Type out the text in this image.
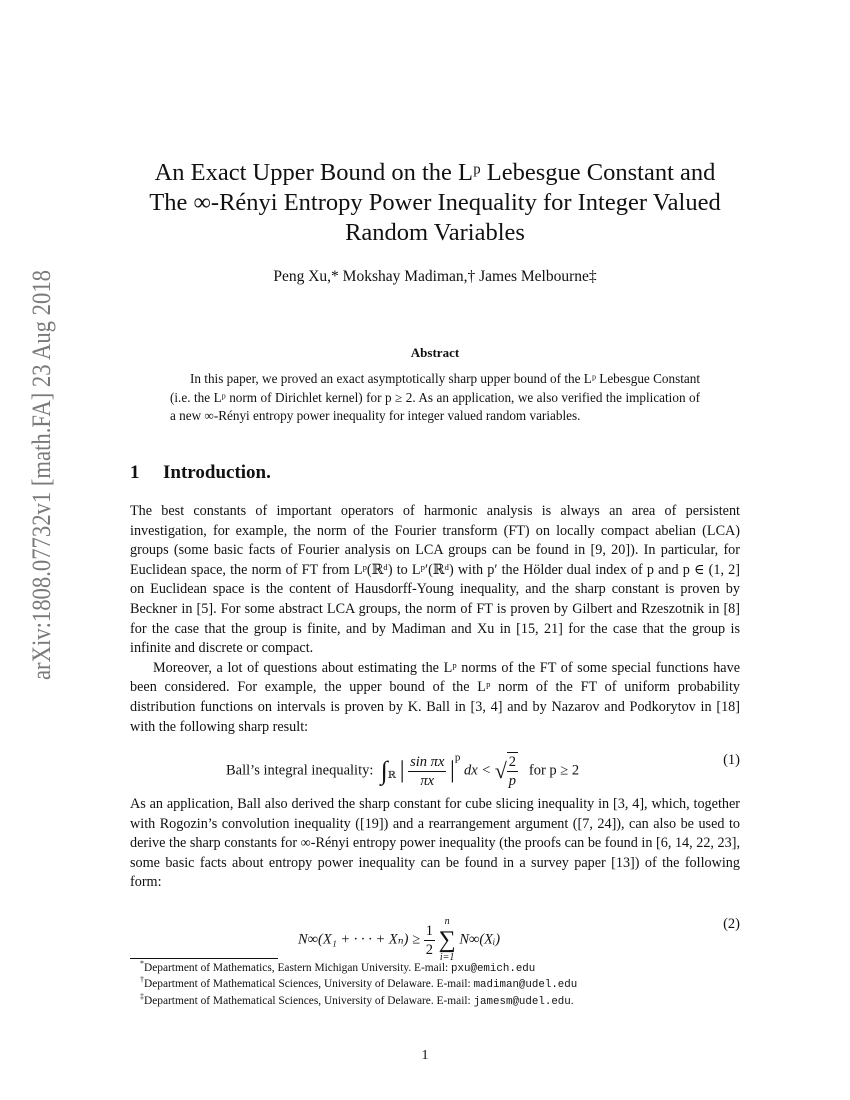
arXiv:1808.07732v1 [math.FA] 23 Aug 2018
An Exact Upper Bound on the Lᵖ Lebesgue Constant and
The ∞-Rényi Entropy Power Inequality for Integer Valued
Random Variables
Peng Xu,* Mokshay Madiman,† James Melbourne‡
Abstract
In this paper, we proved an exact asymptotically sharp upper bound of the Lᵖ Lebesgue Constant (i.e. the Lᵖ norm of Dirichlet kernel) for p ≥ 2. As an application, we also verified the implication of a new ∞-Rényi entropy power inequality for integer valued random variables.
1 Introduction.

The best constants of important operators of harmonic analysis is always an area of persistent investigation, for example, the norm of the Fourier transform (FT) on locally compact abelian (LCA) groups (some basic facts of Fourier analysis on LCA groups can be found in [9, 20]). In particular, for Euclidean space, the norm of FT from Lᵖ(ℝᵈ) to Lᵖ′(ℝᵈ) with p′ the Hölder dual index of p and p ∈ (1, 2] on Euclidean space is the content of Hausdorff-Young inequality, and the sharp constant is proven by Beckner in [5]. For some abstract LCA groups, the norm of FT is proven by Gilbert and Rzeszotnik in [8] for the case that the group is finite, and by Madiman and Xu in [15, 21] for the case that the group is infinite and discrete or compact.

Moreover, a lot of questions about estimating the Lᵖ norms of the FT of some special functions have been considered. For example, the upper bound of the Lᵖ norm of the FT of uniform probability distribution functions on intervals is proven by K. Ball in [3, 4] and by Nazarov and Podkorytov in [18] with the following sharp result:

Ball’s integral inequality: $\int_ℝ$ | $\frac{\text{sin πx}}{\pi x} |^p$ dx < √ $\frac{2}{p}$ for p ≥ 2
(1)

As an application, Ball also derived the sharp constant for cube slicing inequality in [3, 4], which, together with Rogozin’s convolution inequality ([19]) and a rearrangement argument ([7, 24]), can also be used to derive the sharp constants for ∞-Rényi entropy power inequality (the proofs can be found in [6, 14, 22, 23], some basic facts about entropy power inequality can be found in a survey paper [13]) of the following form:

N∞(X₁ + · · · + $X_n) \ge \frac{1}{2}$
n
∑
i=1
N∞(Xᵢ)
(2)
*Department of Mathematics, Eastern Michigan University. E-mail: pxu@emich.edu
†Department of Mathematical Sciences, University of Delaware. E-mail: madiman@udel.edu
‡Department of Mathematical Sciences, University of Delaware. E-mail: jamesm@udel.edu.
1
